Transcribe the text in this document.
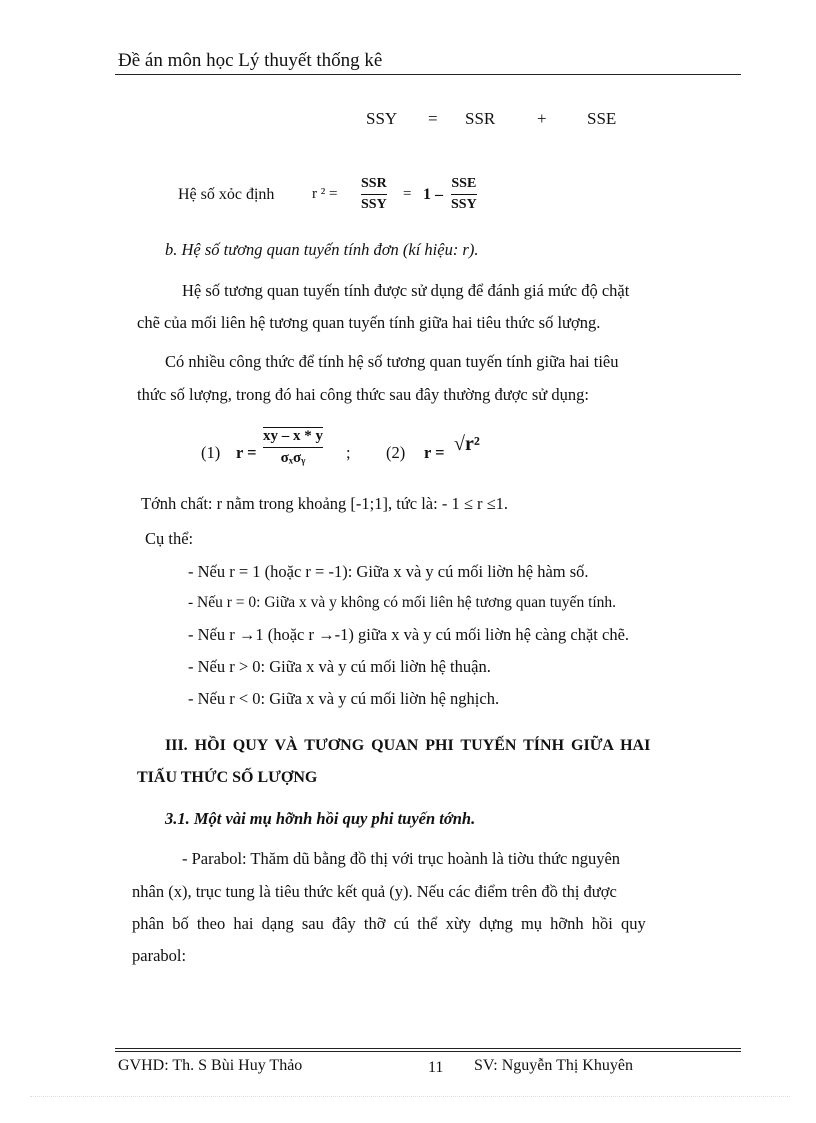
Đề án môn học Lý thuyết thống kê
SSY = SSR + SSE
Hệ số xỏc định	r ² =
SSR
SSY
= 1 –
SSE
SSY
b. Hệ số tương quan tuyến tính đơn (kí hiệu: r).
Hệ số tương quan tuyến tính được sử dụng để đánh giá mức độ chặt
chẽ của mối liên hệ tương quan tuyến tính giữa hai tiêu thức số lượng.
Có nhiều công thức để tính hệ số tương quan tuyến tính giữa hai tiêu
thức số lượng, trong đó hai công thức sau đây thường được sử dụng:
(1) r =
xy – x * y
σₓσᵧ ; (2) r = √r²
Tớnh chất: r nằm trong khoảng [-1;1], tức là: - 1 ≤ r ≤1.
Cụ thể:
- Nếu r = 1 (hoặc r = -1): Giữa x và y cú mối liờn hệ hàm số.
- Nếu r = 0: Giữa x và y không có mối liên hệ tương quan tuyến tính.
- Nếu r →1 (hoặc r →-1) giữa x và y cú mối liờn hệ càng chặt chẽ.
- Nếu r > 0: Giữa x và y cú mối liờn hệ thuận.
- Nếu r < 0: Giữa x và y cú mối liờn hệ nghịch.
III. HỒI QUY VÀ TƯƠNG QUAN PHI TUYẾN TÍNH GIỮA HAI
TIẤU THỨC SỐ LƯỢNG
3.1. Một vài mụ hỡnh hồi quy phi tuyến tớnh.
- Parabol: Thăm dũ bằng đồ thị với trục hoành là tiờu thức nguyên
nhân (x), trục tung là tiêu thức kết quả (y). Nếu các điểm trên đồ thị được
phân bố theo hai dạng sau đây thỡ cú thể xừy dựng mụ hỡnh hồi quy
parabol:
GVHD: Th. S Bùi Huy Thảo	11 SV: Nguyễn Thị Khuyên
